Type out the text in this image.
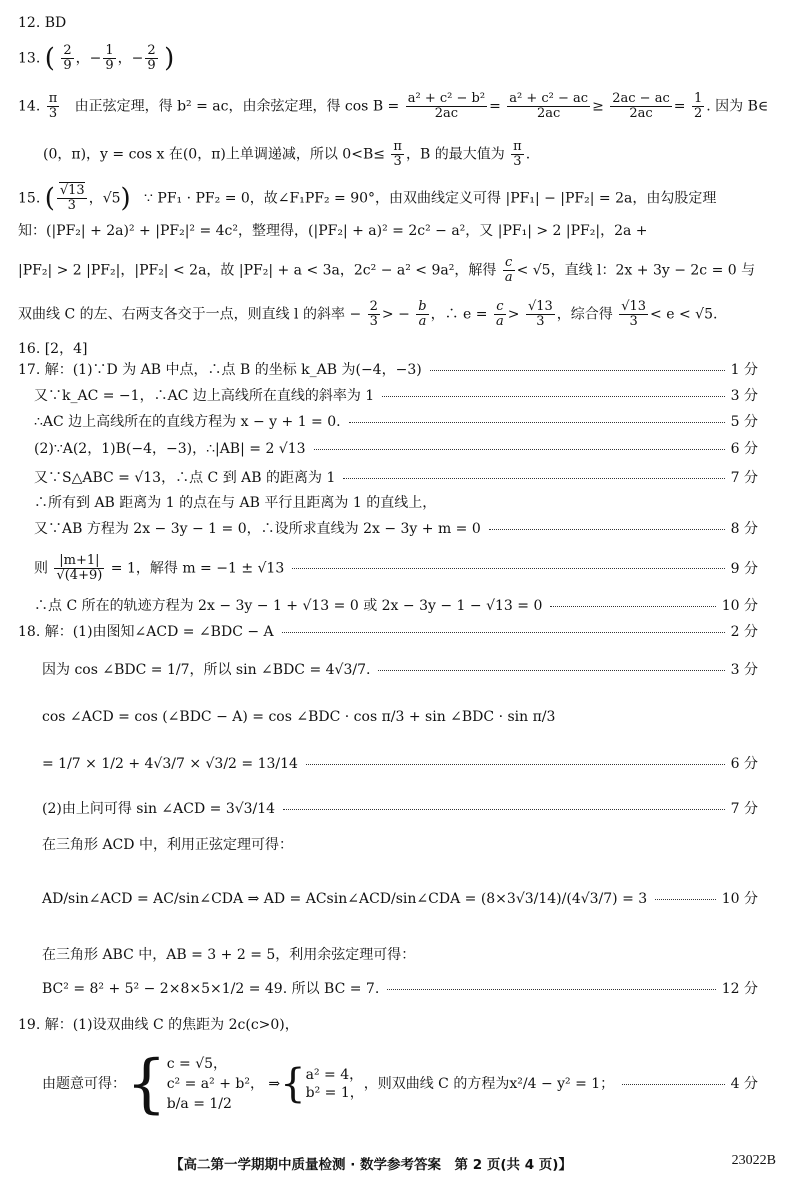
12. BD
13. ( $\frac{2}{9}$ ，− $\frac{1}{9}$ ，− $\frac{2}{9}$ )
14. $\frac{\pi}{3}$ 由正弦定理，得 b² = ac，由余弦定理，得 $\cos B = \frac{\text{a² + c² − b²}}{2ac} = \frac{\text{a² + c² − ac}}{2ac} \ge \frac{2ac - ac}{2ac} = \frac{1}{2}$ . 因为 B∈
(0，π)，y = cos x 在(0，π)上单调递减，所以 $0<B\le \frac{\pi}{3}$ ，B 的最大值为 $\frac{\pi}{3}$ .
15. ( $\frac{√13}{3}$ ，√5) ∵ PF₁ · PF₂ = 0，故∠F₁PF₂ = 90°，由双曲线定义可得 |PF₁| − |PF₂| = 2a，由勾股定理
知：(|PF₂| + 2a)² + |PF₂|² = 4c²，整理得，(|PF₂| + a)² = 2c² − a²，又 |PF₁| > 2 |PF₂|，2a +
|PF₂| > 2 |PF₂|，|PF₂| < 2a，故 |PF₂| + a < 3a，2c² − a² < 9a²，解得 $\frac{c}{a} < √5$，直线 l：2x + 3y − 2c = 0 与
双曲线 C 的左、右两支各交于一点，则直线 l 的斜率 − $\frac{2}{3}$ > − $\frac{b}{a}$ ，∴ $e = \frac{c}{a} > \frac{√13}{3}$ ，综合得 $\frac{√13}{3} < e < √5$.
16. [2，4]
17. 解：(1)∵D 为 AB 中点，∴点 B 的坐标 k_AB 为(−4，−3)	1 分
又∵k_AC = −1，∴AC 边上高线所在直线的斜率为 1	3 分
∴AC 边上高线所在的直线方程为 x − y + 1 = 0.	5 分
(2)∵A(2，1)B(−4，−3)，∴|AB| = 2 √13	6 分
又∵S△ABC = √13，∴点 C 到 AB 的距离为 1	7 分
∴所有到 AB 距离为 1 的点在与 AB 平行且距离为 1 的直线上，
又∵AB 方程为 2x − 3y − 1 = 0，∴设所求直线为 2x − 3y + m = 0	8 分
则 $\frac{|m+1|}{√(4+9)} = 1$，解得 m = −1 ± √13	9 分
∴点 C 所在的轨迹方程为 2x − 3y − 1 + √13 = 0 或 2x − 3y − 1 − √13 = 0	10 分
18. 解：(1)由图知∠ACD = ∠BDC − A	2 分
因为 cos ∠BDC = 1/7，所以 sin ∠BDC = 4√3/7.	3 分
cos ∠ACD = cos (∠BDC − A) = cos ∠BDC · cos π/3 + sin ∠BDC · sin π/3
= 1/7 × 1/2 + 4√3/7 × √3/2 = 13/14	6 分
(2)由上问可得 sin ∠ACD = 3√3/14	7 分
在三角形 ACD 中，利用正弦定理可得：
AD/sin∠ACD = AC/sin∠CDA ⇒ AD = ACsin∠ACD/sin∠CDA = (8×3√3/14)/(4√3/7) = 3	10 分
在三角形 ABC 中，AB = 3 + 2 = 5，利用余弦定理可得：
BC² = 8² + 5² − 2×8×5×1/2 = 49. 所以 BC = 7.	12 分
19. 解：(1)设双曲线 C 的焦距为 2c(c>0)，
由题意可得： { c = √5，
c² = a² + b²，
b/a = 1/2
⇒ { a² = 4，
b² = 1，
，则双曲线 C 的方程为 x²/4 − y² = 1；	4 分
【高二第一学期期中质量检测 · 数学参考答案　第 2 页(共 4 页)】	23022B
